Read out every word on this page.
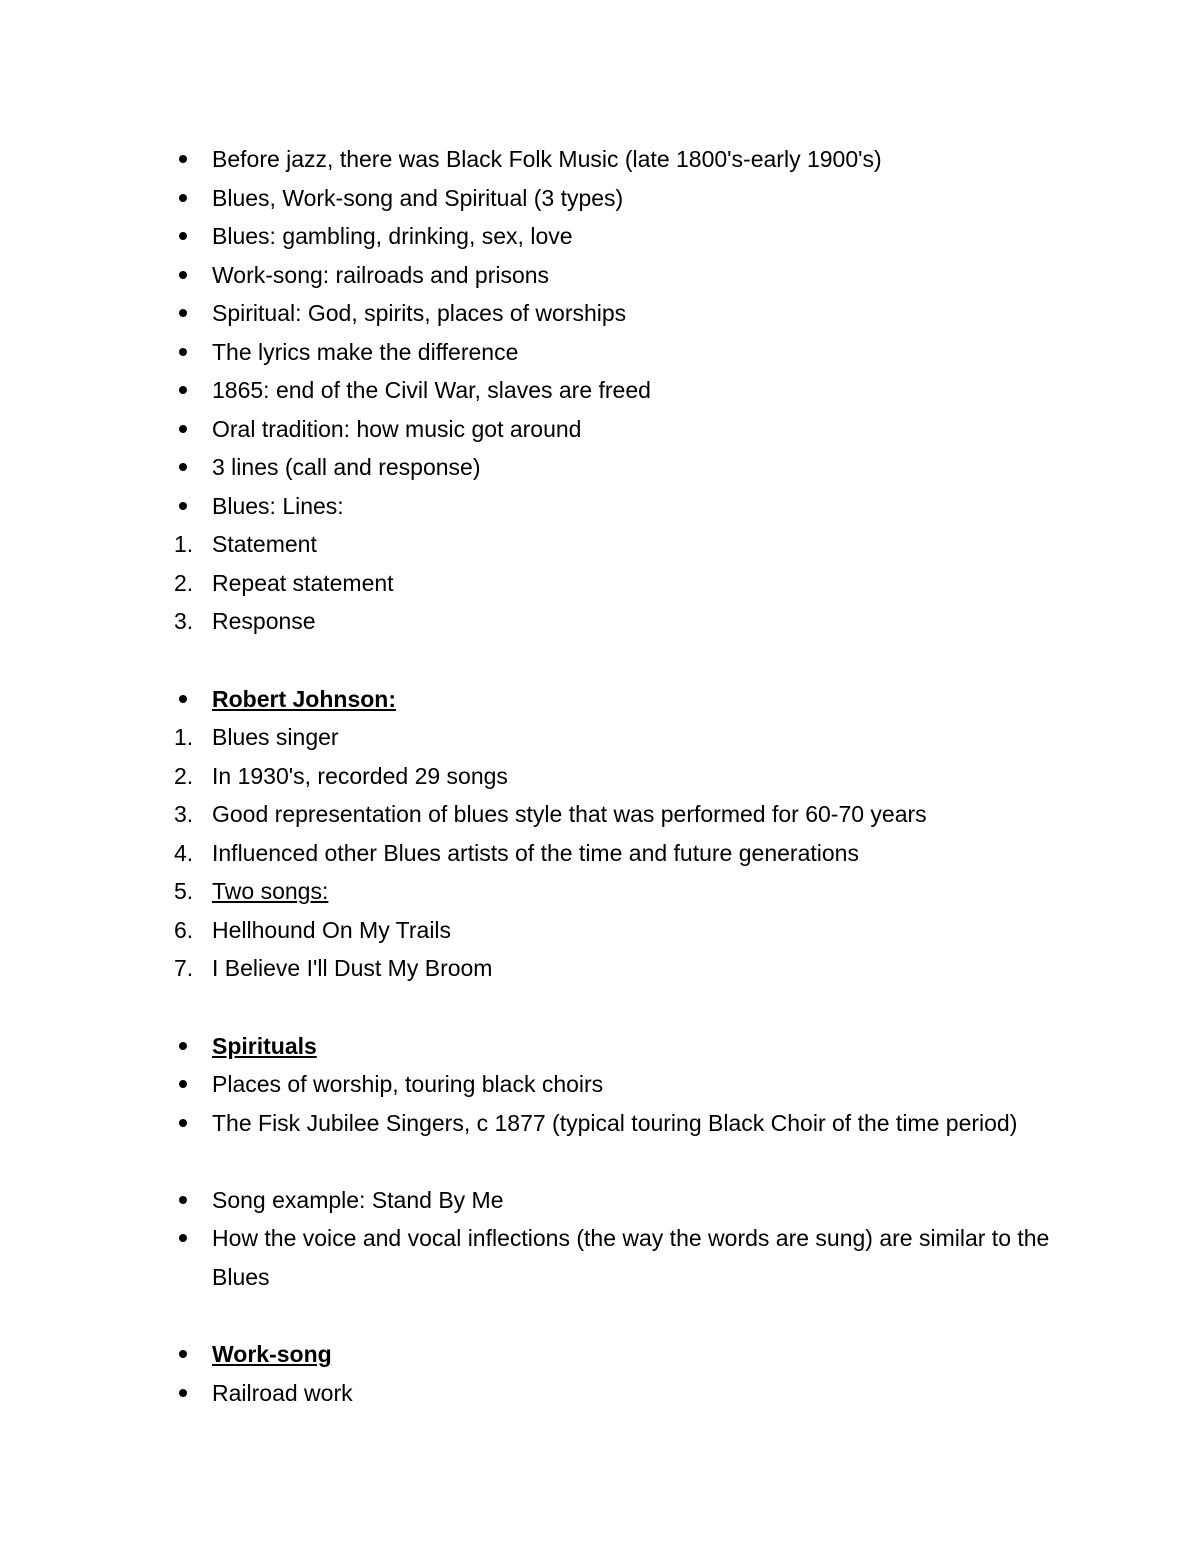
Before jazz, there was Black Folk Music (late 1800's-early 1900's)
Blues, Work-song and Spiritual (3 types)
Blues: gambling, drinking, sex, love
Work-song: railroads and prisons
Spiritual: God, spirits, places of worships
The lyrics make the difference
1865: end of the Civil War, slaves are freed
Oral tradition: how music got around
3 lines (call and response)
Blues: Lines:
1. Statement
2. Repeat statement
3. Response
Robert Johnson:
1. Blues singer
2. In 1930's, recorded 29 songs
3. Good representation of blues style that was performed for 60-70 years
4. Influenced other Blues artists of the time and future generations
5. Two songs:
6. Hellhound On My Trails
7. I Believe I'll Dust My Broom
Spirituals
Places of worship, touring black choirs
The Fisk Jubilee Singers, c 1877 (typical touring Black Choir of the time period)
Song example: Stand By Me
How the voice and vocal inflections (the way the words are sung) are similar to the Blues
Work-song
Railroad work
